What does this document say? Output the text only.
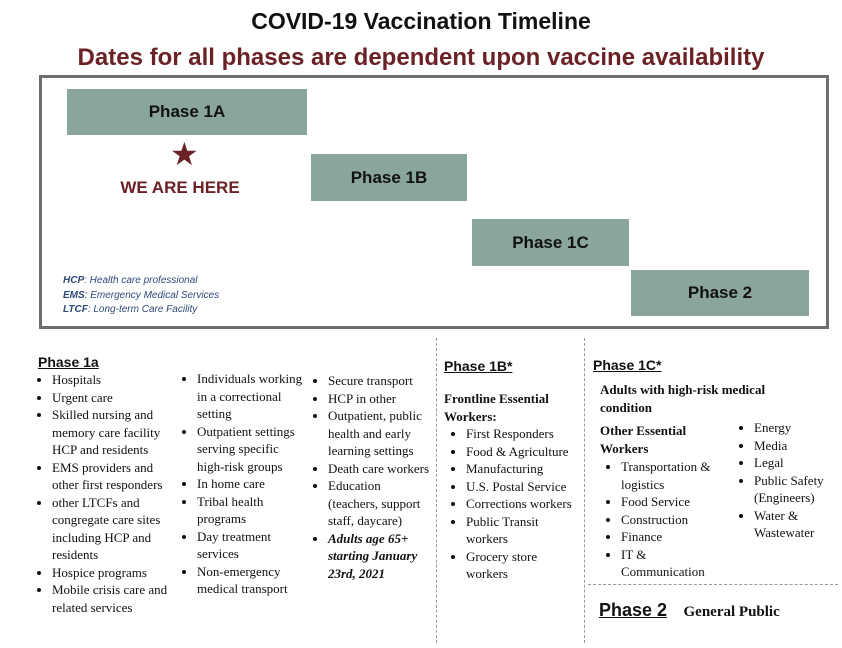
COVID-19 Vaccination Timeline
Dates for all phases are dependent upon vaccine availability
Phase 1A
Phase 1B
Phase 1C
Phase 2
★
WE ARE HERE
HCP: Health care professional
EMS: Emergency Medical Services
LTCF: Long-term Care Facility
Phase 1a
• Hospitals
• Urgent care
• Skilled nursing and memory care facility HCP and residents
• EMS providers and other first responders
• other LTCFs and congregate care sites including HCP and residents
• Hospice programs
• Mobile crisis care and related services
• Individuals working in a correctional setting
• Outpatient settings serving specific high-risk groups
• In home care
• Tribal health programs
• Day treatment services
• Non-emergency medical transport
• Secure transport
• HCP in other
• Outpatient, public health and early learning settings
• Death care workers
• Education (teachers, support staff, daycare)
• Adults age 65+ starting January 23rd, 2021
Phase 1B*
Frontline Essential Workers:
• First Responders
• Food & Agriculture
• Manufacturing
• U.S. Postal Service
• Corrections workers
• Public Transit workers
• Grocery store workers
Phase 1C*
Adults with high-risk medical condition
Other Essential Workers
• Transportation & logistics
• Food Service
• Construction
• Finance
• IT & Communication
• Energy
• Media
• Legal
• Public Safety (Engineers)
• Water & Wastewater
Phase 2 General Public
